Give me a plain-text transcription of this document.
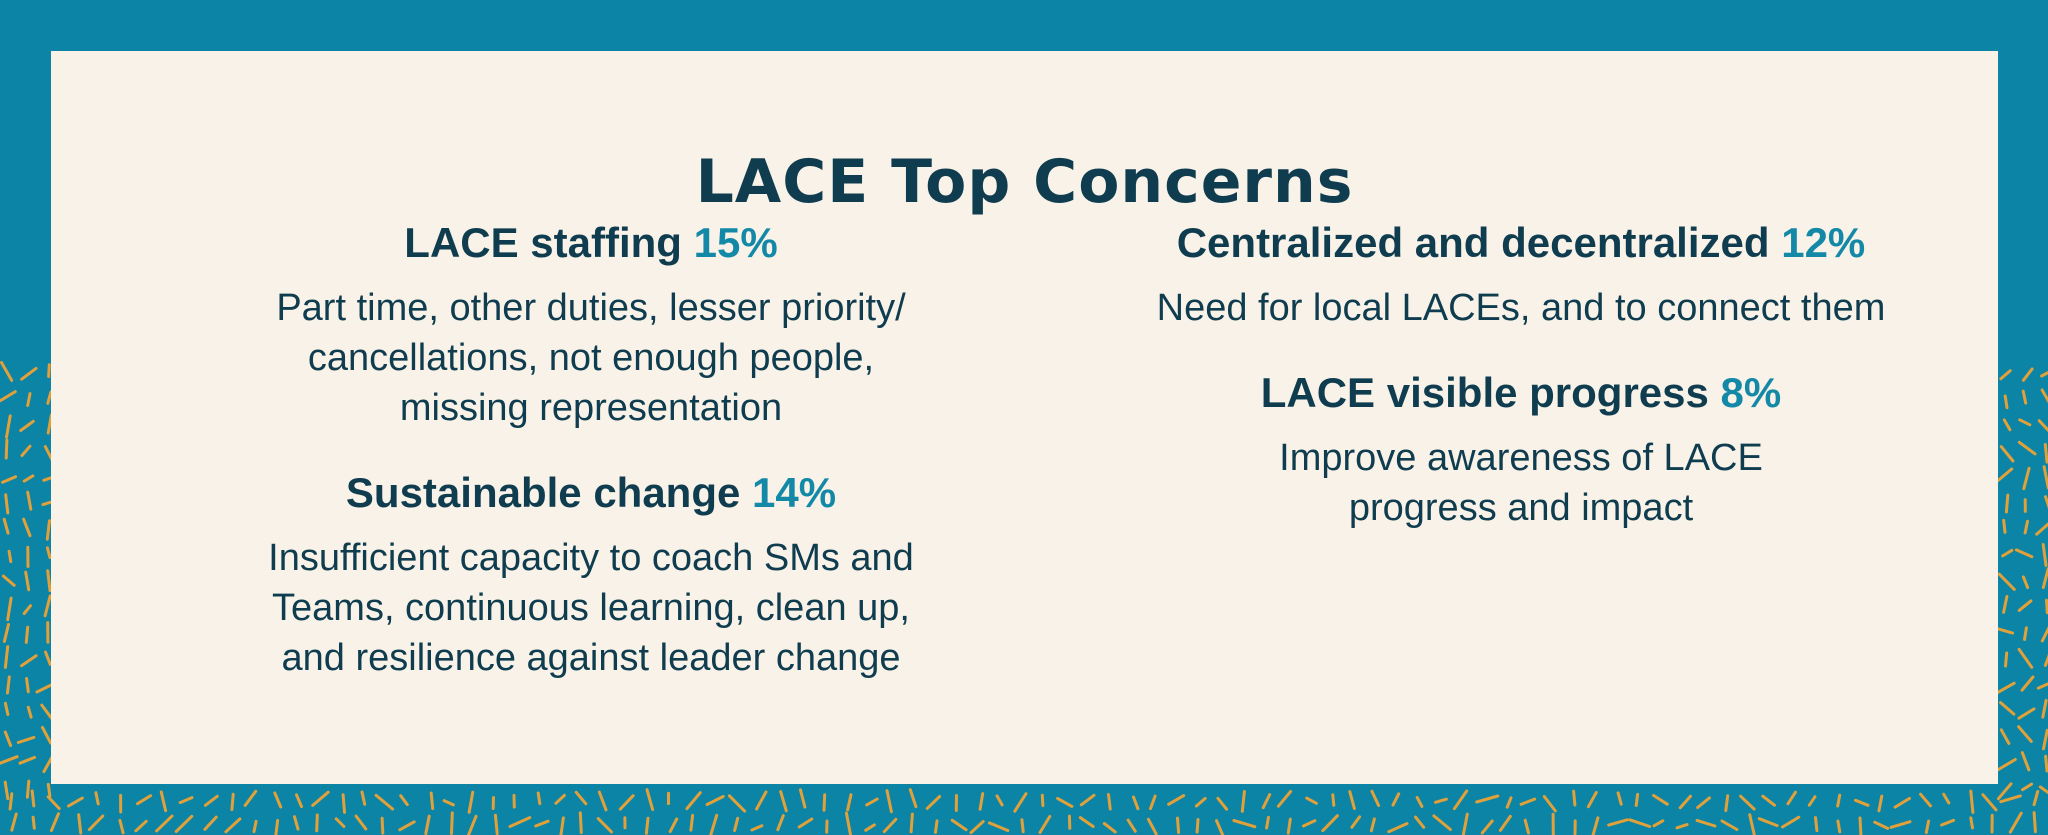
LACE Top Concerns

LACE staffing 15%

Part time, other duties, lesser priority/
cancellations, not enough people,
missing representation

Sustainable change 14%

Insufficient capacity to coach SMs and
Teams, continuous learning, clean up,
and resilience against leader change

Centralized and decentralized 12%

Need for local LACEs, and to connect them

LACE visible progress 8%

Improve awareness of LACE
progress and impact
